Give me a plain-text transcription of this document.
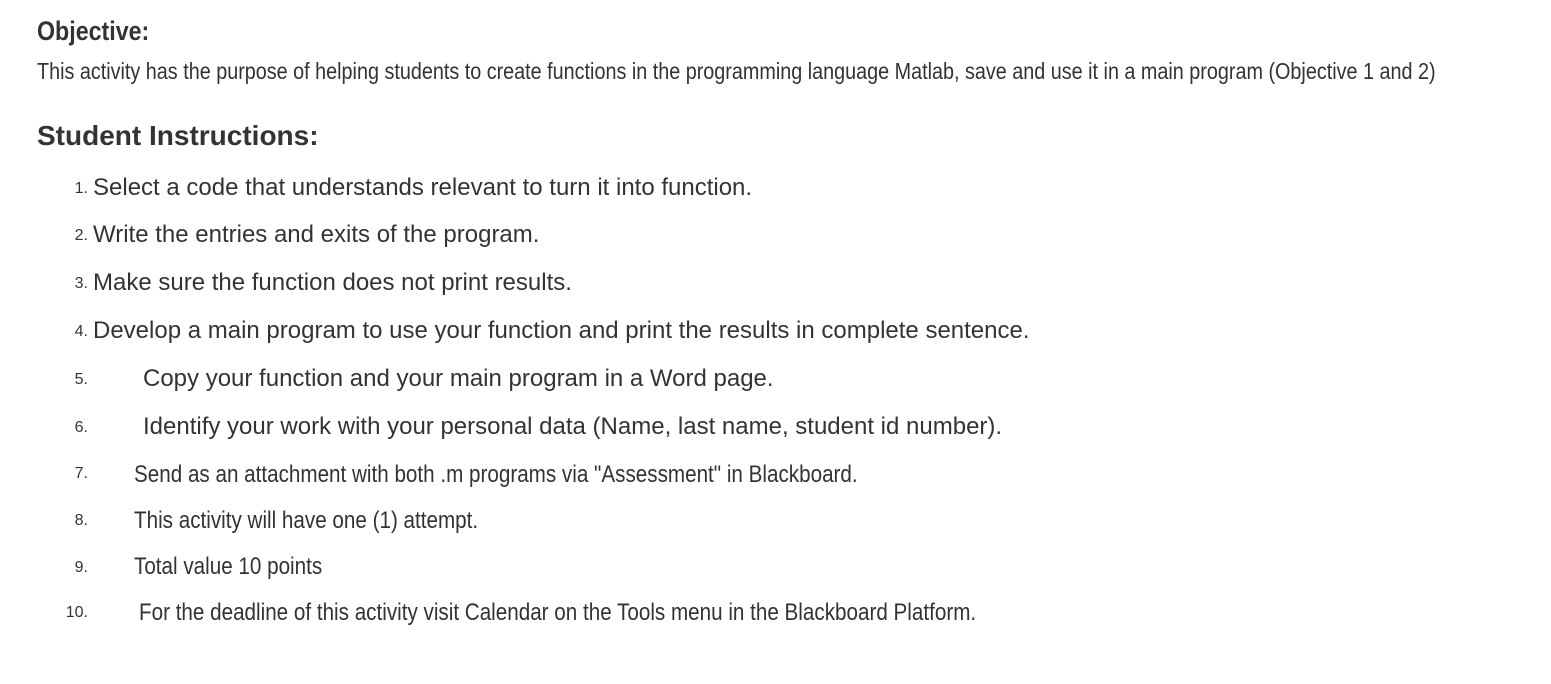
Objective:
This activity has the purpose of helping students to create functions in the programming language Matlab, save and use it in a main program (Objective 1 and 2)
Student Instructions:
1. Select a code that understands relevant to turn it into function.
2. Write the entries and exits of the program.
3. Make sure the function does not print results.
4. Develop a main program to use your function and print the results in complete sentence.
5. Copy your function and your main program in a Word page.
6. Identify your work with your personal data (Name, last name, student id number).
7. Send as an attachment with both .m programs via "Assessment" in Blackboard.
8. This activity will have one (1) attempt.
9. Total value 10 points
10. For the deadline of this activity visit Calendar on the Tools menu in the Blackboard Platform.
